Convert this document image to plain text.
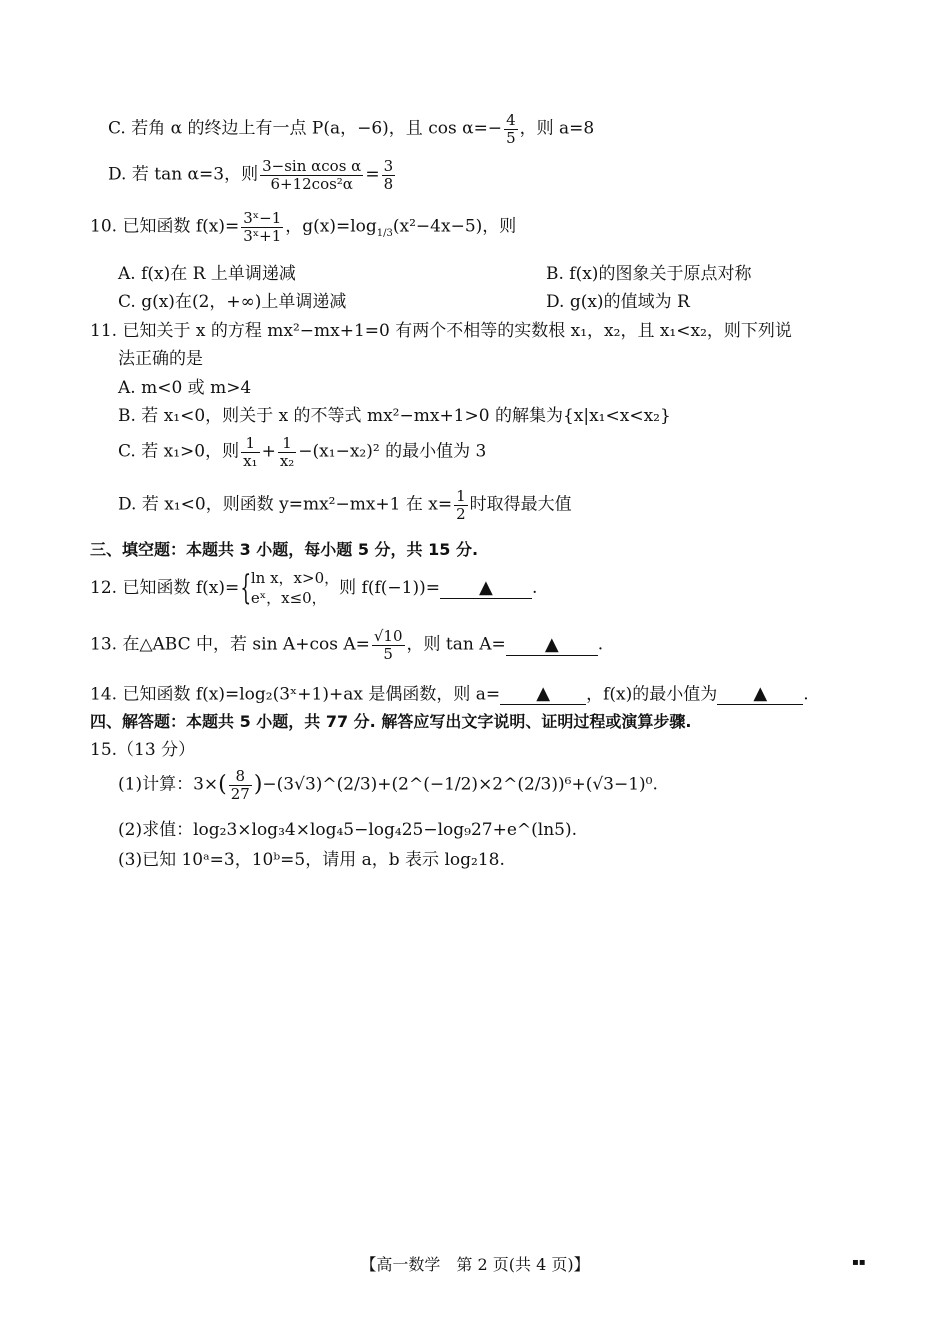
C. 若角 α 的终边上有一点 P(a，−6)，且 $\cos \alpha=- \frac{4}{5}$ ，则 a=8
D. 若 tan α=3，则 $\frac{\text{3−sin αcos α}}{\text{6+12cos²α}} = \frac{3}{8}$
10. 已知函数 $f(x)= \frac{\text{3ˣ−1}}{\text{3ˣ+1}}$ ，$g(x)=\log_{1/3}(x^2-4x-5)$，则
A. f(x)在 R 上单调递减	B. f(x)的图象关于原点对称
C. g(x)在(2，+∞)上单调递减	D. g(x)的值域为 R
11. 已知关于 x 的方程 mx²−mx+1=0 有两个不相等的实数根 x₁，x₂，且 x₁<x₂，则下列说
法正确的是
A. m<0 或 m>4
B. 若 x₁<0，则关于 x 的不等式 mx²−mx+1>0 的解集为{x|x₁<x<x₂}
C. 若 x₁>0，则 $\frac{1}{\text{x₁}} + \frac{1}{\text{x₂}} -(x_1-x_2)^2$ 的最小值为 3
D. 若 x₁<0，则函数 y=mx²−mx+1 在 $x= \frac{1}{2}$ 时取得最大值
三、填空题：本题共 3 小题，每小题 5 分，共 15 分.
12. 已知函数 f(x)={ ln x，x>0，
eˣ，x≤0，
则 f(f(−1))= ▲ .
13. 在△ABC 中，若 sin A+cos $A= \frac{√10}{5}$ ，则 tan A= ▲ .
14. 已知函数 f(x)=log₂(3ˣ+1)+ax 是偶函数，则 a= ▲ ，f(x)的最小值为 ▲ .
四、解答题：本题共 5 小题，共 77 分. 解答应写出文字说明、证明过程或演算步骤.
15.（13 分）
(1)计算：$3\times( \frac{8}{27}$ )−(3√3)^(2/3)+(2^(−1/2)×2^(2/3))⁶+(√3−1)⁰.
(2)求值：log₂3×log₃4×log₄5−log₄25−log₉27+e^(ln5).
(3)已知 10ᵃ=3，10ᵇ=5，请用 a，b 表示 log₂18.
【高一数学　第 2 页(共 4 页)】	▪▪
